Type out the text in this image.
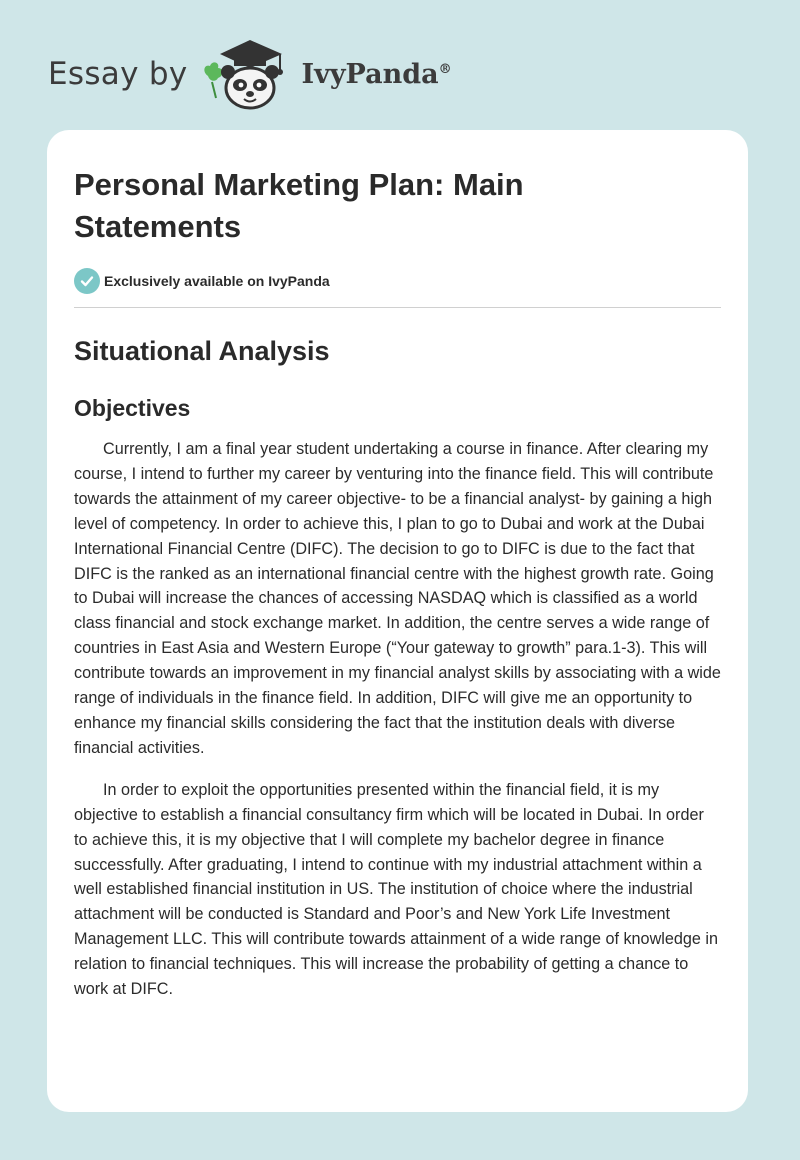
Essay by	IvyPanda®
Personal Marketing Plan: Main Statements
Exclusively available on IvyPanda
Situational Analysis
Objectives

Currently, I am a final year student undertaking a course in finance. After clearing my course, I intend to further my career by venturing into the finance field. This will contribute towards the attainment of my career objective- to be a financial analyst- by gaining a high level of competency. In order to achieve this, I plan to go to Dubai and work at the Dubai International Financial Centre (DIFC). The decision to go to DIFC is due to the fact that DIFC is the ranked as an international financial centre with the highest growth rate. Going to Dubai will increase the chances of accessing NASDAQ which is classified as a world class financial and stock exchange market. In addition, the centre serves a wide range of countries in East Asia and Western Europe (“Your gateway to growth” para.1-3). This will contribute towards an improvement in my financial analyst skills by associating with a wide range of individuals in the finance field. In addition, DIFC will give me an opportunity to enhance my financial skills considering the fact that the institution deals with diverse financial activities.

In order to exploit the opportunities presented within the financial field, it is my objective to establish a financial consultancy firm which will be located in Dubai. In order to achieve this, it is my objective that I will complete my bachelor degree in finance successfully. After graduating, I intend to continue with my industrial attachment within a well established financial institution in US. The institution of choice where the industrial attachment will be conducted is Standard and Poor’s and New York Life Investment Management LLC. This will contribute towards attainment of a wide range of knowledge in relation to financial techniques. This will increase the probability of getting a chance to work at DIFC.
